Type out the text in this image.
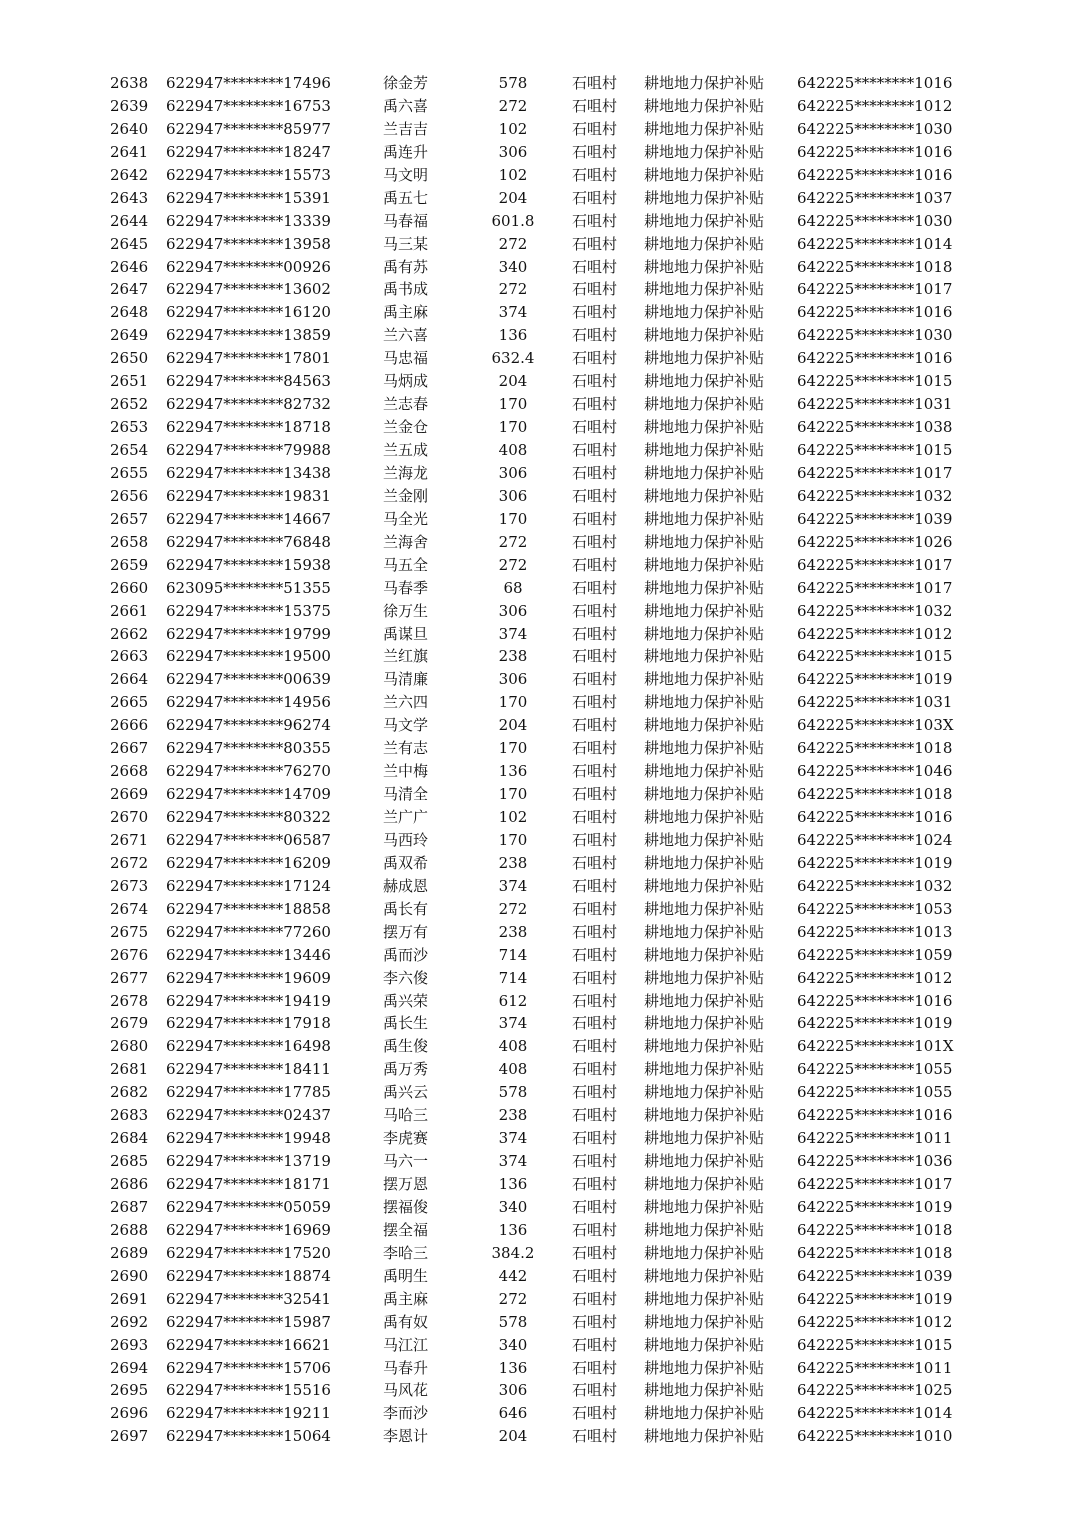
2638 622947********17496	徐金芳	578	石咀村 耕地地力保护补贴 642225********1016
2639 622947********16753	禹六喜	272	石咀村 耕地地力保护补贴 642225********1012
2640 622947********85977	兰吉吉	102	石咀村 耕地地力保护补贴 642225********1030
2641 622947********18247	禹连升	306	石咀村 耕地地力保护补贴 642225********1016
2642 622947********15573	马文明	102	石咀村 耕地地力保护补贴 642225********1016
2643 622947********15391	禹五七	204	石咀村 耕地地力保护补贴 642225********1037
2644 622947********13339	马春福	601.8	石咀村 耕地地力保护补贴 642225********1030
2645 622947********13958	马三某	272	石咀村 耕地地力保护补贴 642225********1014
2646 622947********00926	禹有苏	340	石咀村 耕地地力保护补贴 642225********1018
2647 622947********13602	禹书成	272	石咀村 耕地地力保护补贴 642225********1017
2648 622947********16120	禹主麻	374	石咀村 耕地地力保护补贴 642225********1016
2649 622947********13859	兰六喜	136	石咀村 耕地地力保护补贴 642225********1030
2650 622947********17801	马忠福	632.4	石咀村 耕地地力保护补贴 642225********1016
2651 622947********84563	马炳成	204	石咀村 耕地地力保护补贴 642225********1015
2652 622947********82732	兰志春	170	石咀村 耕地地力保护补贴 642225********1031
2653 622947********18718	兰金仓	170	石咀村 耕地地力保护补贴 642225********1038
2654 622947********79988	兰五成	408	石咀村 耕地地力保护补贴 642225********1015
2655 622947********13438	兰海龙	306	石咀村 耕地地力保护补贴 642225********1017
2656 622947********19831	兰金刚	306	石咀村 耕地地力保护补贴 642225********1032
2657 622947********14667	马全光	170	石咀村 耕地地力保护补贴 642225********1039
2658 622947********76848	兰海舍	272	石咀村 耕地地力保护补贴 642225********1026
2659 622947********15938	马五全	272	石咀村 耕地地力保护补贴 642225********1017
2660 623095********51355	马春季	68	石咀村 耕地地力保护补贴 642225********1017
2661 622947********15375	徐万生	306	石咀村 耕地地力保护补贴 642225********1032
2662 622947********19799	禹谋旦	374	石咀村 耕地地力保护补贴 642225********1012
2663 622947********19500	兰红旗	238	石咀村 耕地地力保护补贴 642225********1015
2664 622947********00639	马清廉	306	石咀村 耕地地力保护补贴 642225********1019
2665 622947********14956	兰六四	170	石咀村 耕地地力保护补贴 642225********1031
2666 622947********96274	马文学	204	石咀村 耕地地力保护补贴 642225********103X
2667 622947********80355	兰有志	170	石咀村 耕地地力保护补贴 642225********1018
2668 622947********76270	兰中梅	136	石咀村 耕地地力保护补贴 642225********1046
2669 622947********14709	马清全	170	石咀村 耕地地力保护补贴 642225********1018
2670 622947********80322	兰广广	102	石咀村 耕地地力保护补贴 642225********1016
2671 622947********06587	马西玲	170	石咀村 耕地地力保护补贴 642225********1024
2672 622947********16209	禹双希	238	石咀村 耕地地力保护补贴 642225********1019
2673 622947********17124	赫成恩	374	石咀村 耕地地力保护补贴 642225********1032
2674 622947********18858	禹长有	272	石咀村 耕地地力保护补贴 642225********1053
2675 622947********77260	摆万有	238	石咀村 耕地地力保护补贴 642225********1013
2676 622947********13446	禹而沙	714	石咀村 耕地地力保护补贴 642225********1059
2677 622947********19609	李六俊	714	石咀村 耕地地力保护补贴 642225********1012
2678 622947********19419	禹兴荣	612	石咀村 耕地地力保护补贴 642225********1016
2679 622947********17918	禹长生	374	石咀村 耕地地力保护补贴 642225********1019
2680 622947********16498	禹生俊	408	石咀村 耕地地力保护补贴 642225********101X
2681 622947********18411	禹万秀	408	石咀村 耕地地力保护补贴 642225********1055
2682 622947********17785	禹兴云	578	石咀村 耕地地力保护补贴 642225********1055
2683 622947********02437	马哈三	238	石咀村 耕地地力保护补贴 642225********1016
2684 622947********19948	李虎赛	374	石咀村 耕地地力保护补贴 642225********1011
2685 622947********13719	马六一	374	石咀村 耕地地力保护补贴 642225********1036
2686 622947********18171	摆万恩	136	石咀村 耕地地力保护补贴 642225********1017
2687 622947********05059	摆福俊	340	石咀村 耕地地力保护补贴 642225********1019
2688 622947********16969	摆全福	136	石咀村 耕地地力保护补贴 642225********1018
2689 622947********17520	李哈三	384.2	石咀村 耕地地力保护补贴 642225********1018
2690 622947********18874	禹明生	442	石咀村 耕地地力保护补贴 642225********1039
2691 622947********32541	禹主麻	272	石咀村 耕地地力保护补贴 642225********1019
2692 622947********15987	禹有奴	578	石咀村 耕地地力保护补贴 642225********1012
2693 622947********16621	马江江	340	石咀村 耕地地力保护补贴 642225********1015
2694 622947********15706	马春升	136	石咀村 耕地地力保护补贴 642225********1011
2695 622947********15516	马风花	306	石咀村 耕地地力保护补贴 642225********1025
2696 622947********19211	李而沙	646	石咀村 耕地地力保护补贴 642225********1014
2697 622947********15064	李恩计	204	石咀村 耕地地力保护补贴 642225********1010
